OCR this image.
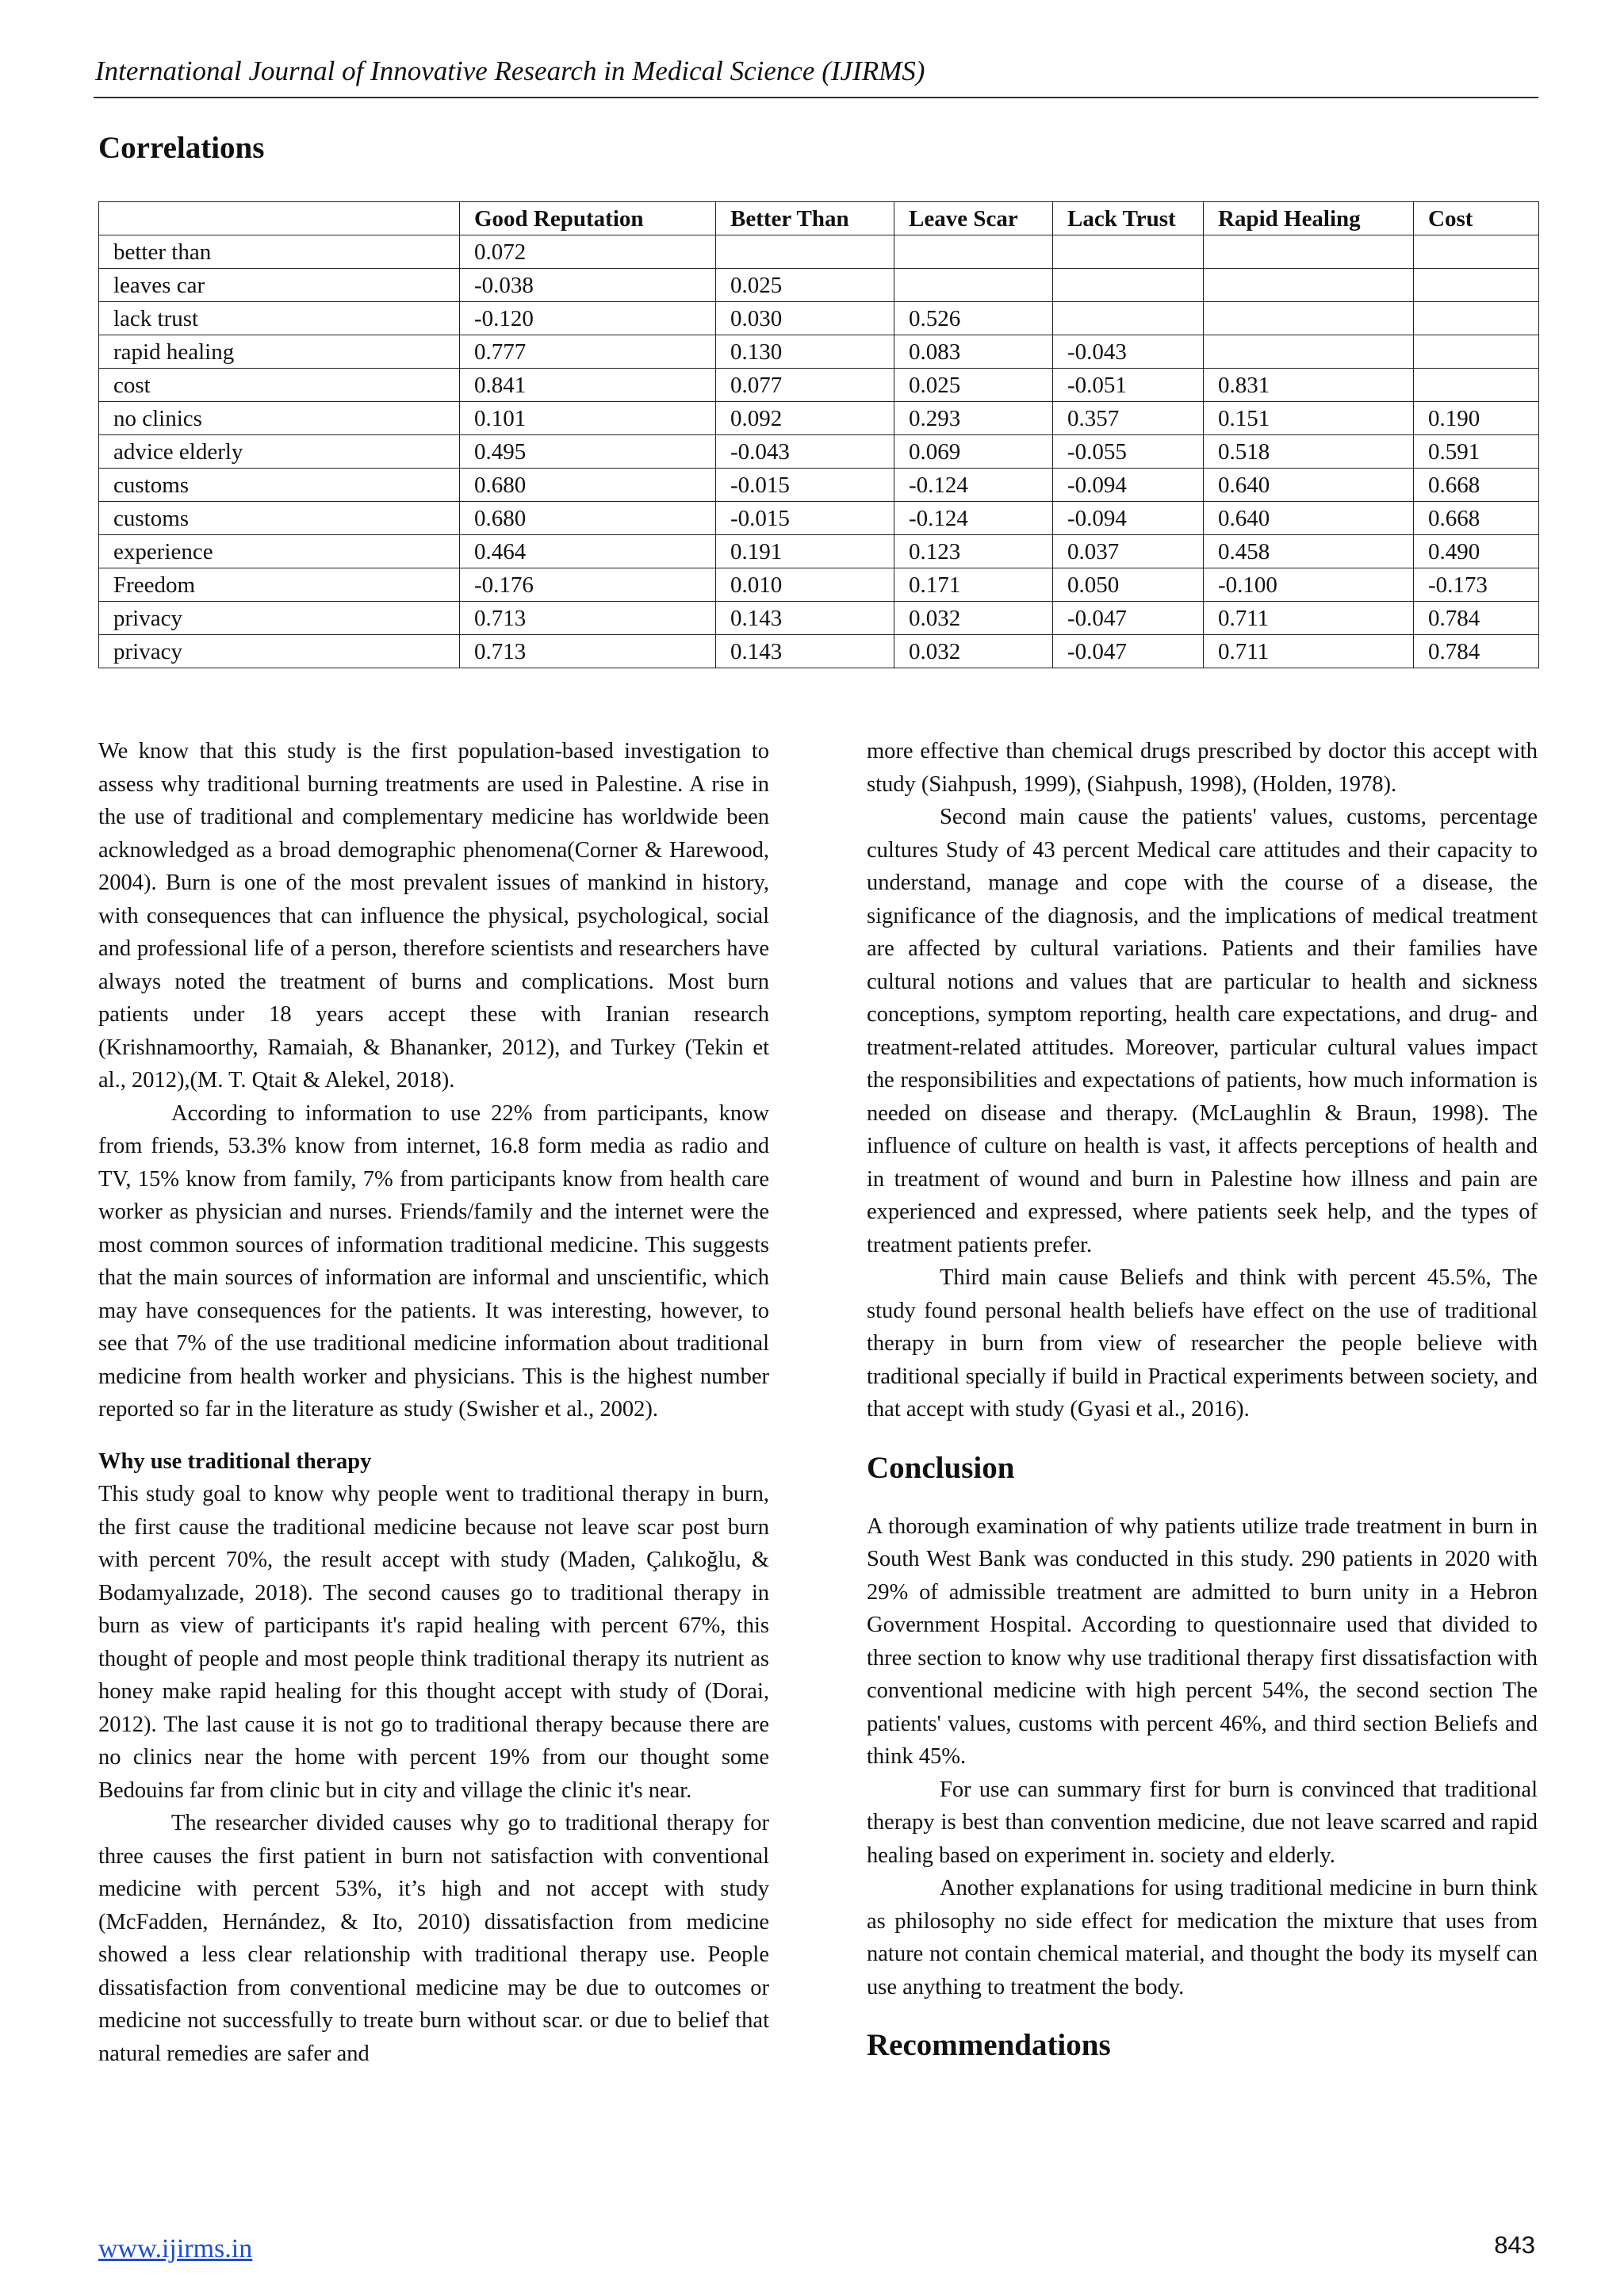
International Journal of Innovative Research in Medical Science (IJIRMS)
Correlations
	Good Reputation	Better Than	Leave Scar	Lack Trust	Rapid Healing	Cost
better than	0.072					
leaves car	-0.038	0.025				
lack trust	-0.120	0.030	0.526			
rapid healing	0.777	0.130	0.083	-0.043		
cost	0.841	0.077	0.025	-0.051	0.831	
no clinics	0.101	0.092	0.293	0.357	0.151	0.190
advice elderly	0.495	-0.043	0.069	-0.055	0.518	0.591
customs	0.680	-0.015	-0.124	-0.094	0.640	0.668
customs	0.680	-0.015	-0.124	-0.094	0.640	0.668
experience	0.464	0.191	0.123	0.037	0.458	0.490
Freedom	-0.176	0.010	0.171	0.050	-0.100	-0.173
privacy	0.713	0.143	0.032	-0.047	0.711	0.784
privacy	0.713	0.143	0.032	-0.047	0.711	0.784

We know that this study is the first population-based investigation to assess why traditional burning treatments are used in Palestine. A rise in the use of traditional and complementary medicine has worldwide been acknowledged as a broad demographic phenomena(Corner & Harewood, 2004). Burn is one of the most prevalent issues of mankind in history, with consequences that can influence the physical, psychological, social and professional life of a person, therefore scientists and researchers have always noted the treatment of burns and complications. Most burn patients under 18 years accept these with Iranian research (Krishnamoorthy, Ramaiah, & Bhananker, 2012), and Turkey (Tekin et al., 2012),(M. T. Qtait & Alekel, 2018).

According to information to use 22% from participants, know from friends, 53.3% know from internet, 16.8 form media as radio and TV, 15% know from family, 7% from participants know from health care worker as physician and nurses. Friends/family and the internet were the most common sources of information traditional medicine. This suggests that the main sources of information are informal and unscientific, which may have consequences for the patients. It was interesting, however, to see that 7% of the use traditional medicine information about traditional medicine from health worker and physicians. This is the highest number reported so far in the literature as study (Swisher et al., 2002).

Why use traditional therapy

This study goal to know why people went to traditional therapy in burn, the first cause the traditional medicine because not leave scar post burn with percent 70%, the result accept with study (Maden, Çalıkoğlu, & Bodamyalızade, 2018). The second causes go to traditional therapy in burn as view of participants it's rapid healing with percent 67%, this thought of people and most people think traditional therapy its nutrient as honey make rapid healing for this thought accept with study of (Dorai, 2012). The last cause it is not go to traditional therapy because there are no clinics near the home with percent 19% from our thought some Bedouins far from clinic but in city and village the clinic it's near.

The researcher divided causes why go to traditional therapy for three causes the first patient in burn not satisfaction with conventional medicine with percent 53%, it’s high and not accept with study (McFadden, Hernández, & Ito, 2010) dissatisfaction from medicine showed a less clear relationship with traditional therapy use. People dissatisfaction from conventional medicine may be due to outcomes or medicine not successfully to treate burn without scar. or due to belief that natural remedies are safer and

more effective than chemical drugs prescribed by doctor this accept with study (Siahpush, 1999), (Siahpush, 1998), (Holden, 1978).

Second main cause the patients' values, customs, percentage cultures Study of 43 percent Medical care attitudes and their capacity to understand, manage and cope with the course of a disease, the significance of the diagnosis, and the implications of medical treatment are affected by cultural variations. Patients and their families have cultural notions and values that are particular to health and sickness conceptions, symptom reporting, health care expectations, and drug- and treatment-related attitudes. Moreover, particular cultural values impact the responsibilities and expectations of patients, how much information is needed on disease and therapy. (McLaughlin & Braun, 1998). The influence of culture on health is vast, it affects perceptions of health and in treatment of wound and burn in Palestine how illness and pain are experienced and expressed, where patients seek help, and the types of treatment patients prefer.

Third main cause Beliefs and think with percent 45.5%, The study found personal health beliefs have effect on the use of traditional therapy in burn from view of researcher the people believe with traditional specially if build in Practical experiments between society, and that accept with study (Gyasi et al., 2016).

Conclusion

A thorough examination of why patients utilize trade treatment in burn in South West Bank was conducted in this study. 290 patients in 2020 with 29% of admissible treatment are admitted to burn unity in a Hebron Government Hospital. According to questionnaire used that divided to three section to know why use traditional therapy first dissatisfaction with conventional medicine with high percent 54%, the second section The patients' values, customs with percent 46%, and third section Beliefs and think 45%.

For use can summary first for burn is convinced that traditional therapy is best than convention medicine, due not leave scarred and rapid healing based on experiment in. society and elderly.

Another explanations for using traditional medicine in burn think as philosophy no side effect for medication the mixture that uses from nature not contain chemical material, and thought the body its myself can use anything to treatment the body.

Recommendations

www.ijirms.in	843
